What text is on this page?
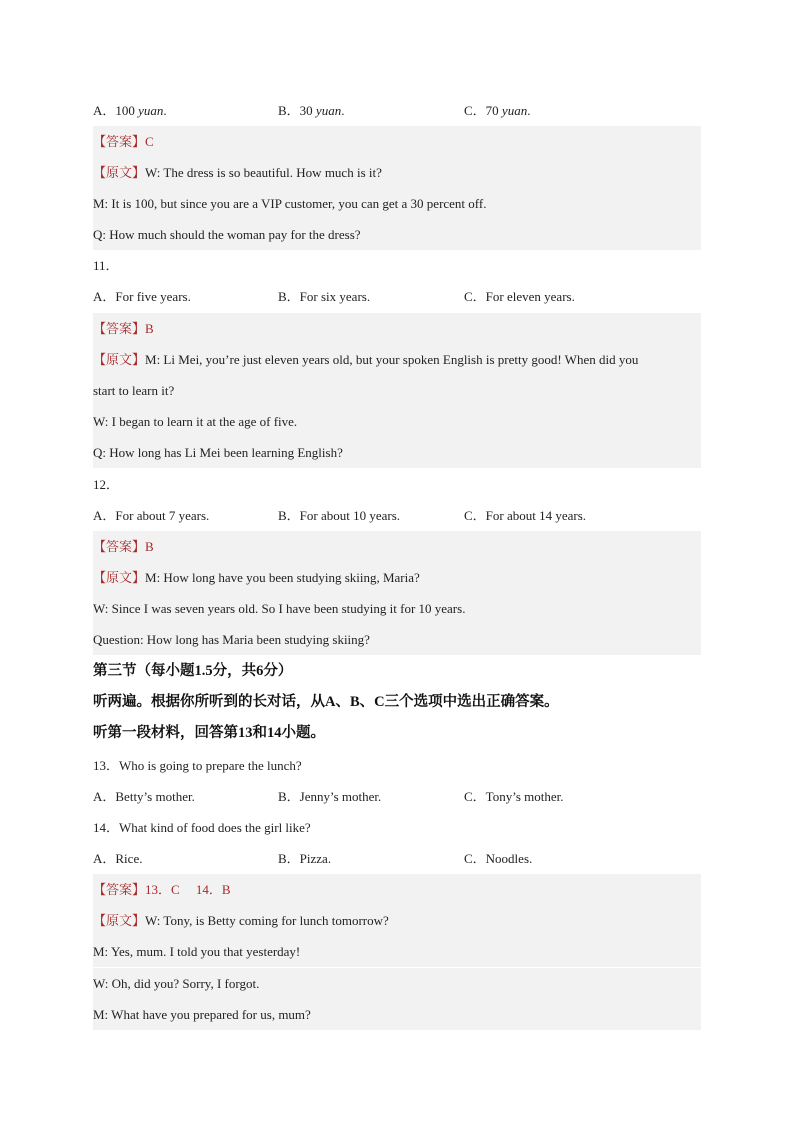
A．100 yuan.	B．30 yuan.	C．70 yuan.
【答案】C
【原文】W: The dress is so beautiful. How much is it?
M: It is 100, but since you are a VIP customer, you can get a 30 percent off.
Q: How much should the woman pay for the dress?
11．
A．For five years.	B．For six years.	C．For eleven years.
【答案】B
【原文】M: Li Mei, you’re just eleven years old, but your spoken English is pretty good! When did you
start to learn it?
W: I began to learn it at the age of five.
Q: How long has Li Mei been learning English?
12．
A．For about 7 years.	B．For about 10 years.	C．For about 14 years.
【答案】B
【原文】M: How long have you been studying skiing, Maria?
W: Since I was seven years old. So I have been studying it for 10 years.
Question: How long has Maria been studying skiing?
第三节（每小题1.5分，共6分）
听两遍。根据你所听到的长对话，从A、B、C三个选项中选出正确答案。
听第一段材料，回答第13和14小题。
13．Who is going to prepare the lunch?
A．Betty’s mother.	B．Jenny’s mother.	C．Tony’s mother.
14．What kind of food does the girl like?
A．Rice.	B．Pizza.	C．Noodles.
【答案】13．C　 14．B
【原文】W: Tony, is Betty coming for lunch tomorrow?
M: Yes, mum. I told you that yesterday!
W: Oh, did you? Sorry, I forgot.
M: What have you prepared for us, mum?
